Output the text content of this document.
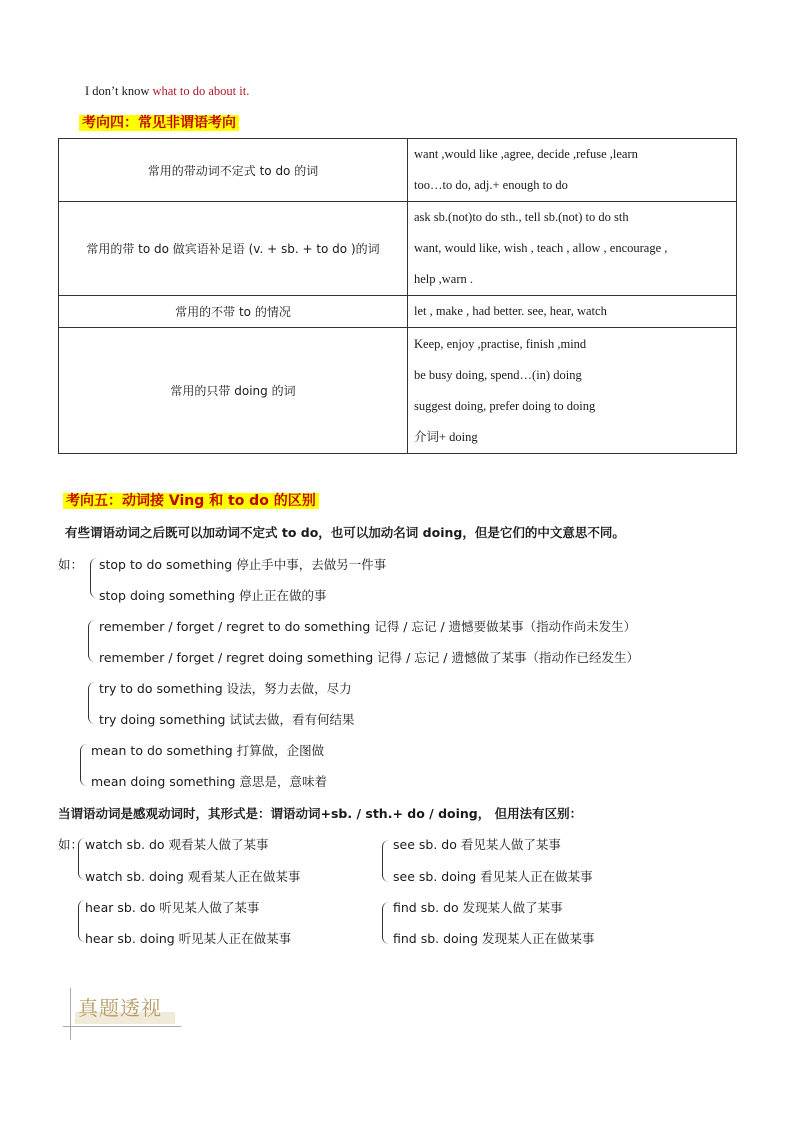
I don’t know what to do about it.
考向四：常见非谓语考向
常用的带动词不定式 to do 的词	want ,would like ,agree, decide ,refuse ,learn
too…to do, adj.+ enough to do

常用的带 to do 做宾语补足语 (v. + sb. + to do )的词	ask sb.(not)to do sth., tell sb.(not) to do sth
want, would like, wish , teach , allow , encourage ,
help ,warn .

常用的不带 to 的情况	let , make , had better. see, hear, watch

常用的只带 doing 的词	Keep, enjoy ,practise, finish ,mind
be busy doing, spend…(in) doing
suggest doing, prefer doing to doing
介词+ doing
考向五：动词接 Ving 和 to do 的区别
有些谓语动词之后既可以加动词不定式 to do，也可以加动名词 doing，但是它们的中文意思不同。
如： stop to do something 停止手中事，去做另一件事
stop doing something 停止正在做的事
remember / forget / regret to do something 记得 / 忘记 / 遗憾要做某事（指动作尚未发生）
remember / forget / regret doing something 记得 / 忘记 / 遗憾做了某事（指动作已经发生）
try to do something 设法，努力去做，尽力
try doing something 试试去做，看有何结果
mean to do something 打算做，企图做
mean doing something 意思是，意味着
当谓语动词是感观动词时，其形式是：谓语动词+sb. / sth.+ do / doing， 但用法有区别：
如： watch sb. do 观看某人做了某事
watch sb. doing 观看某人正在做某事
hear sb. do 听见某人做了某事
hear sb. doing 听见某人正在做某事
see sb. do 看见某人做了某事
see sb. doing 看见某人正在做某事
find sb. do 发现某人做了某事
find sb. doing 发现某人正在做某事
真题透视
